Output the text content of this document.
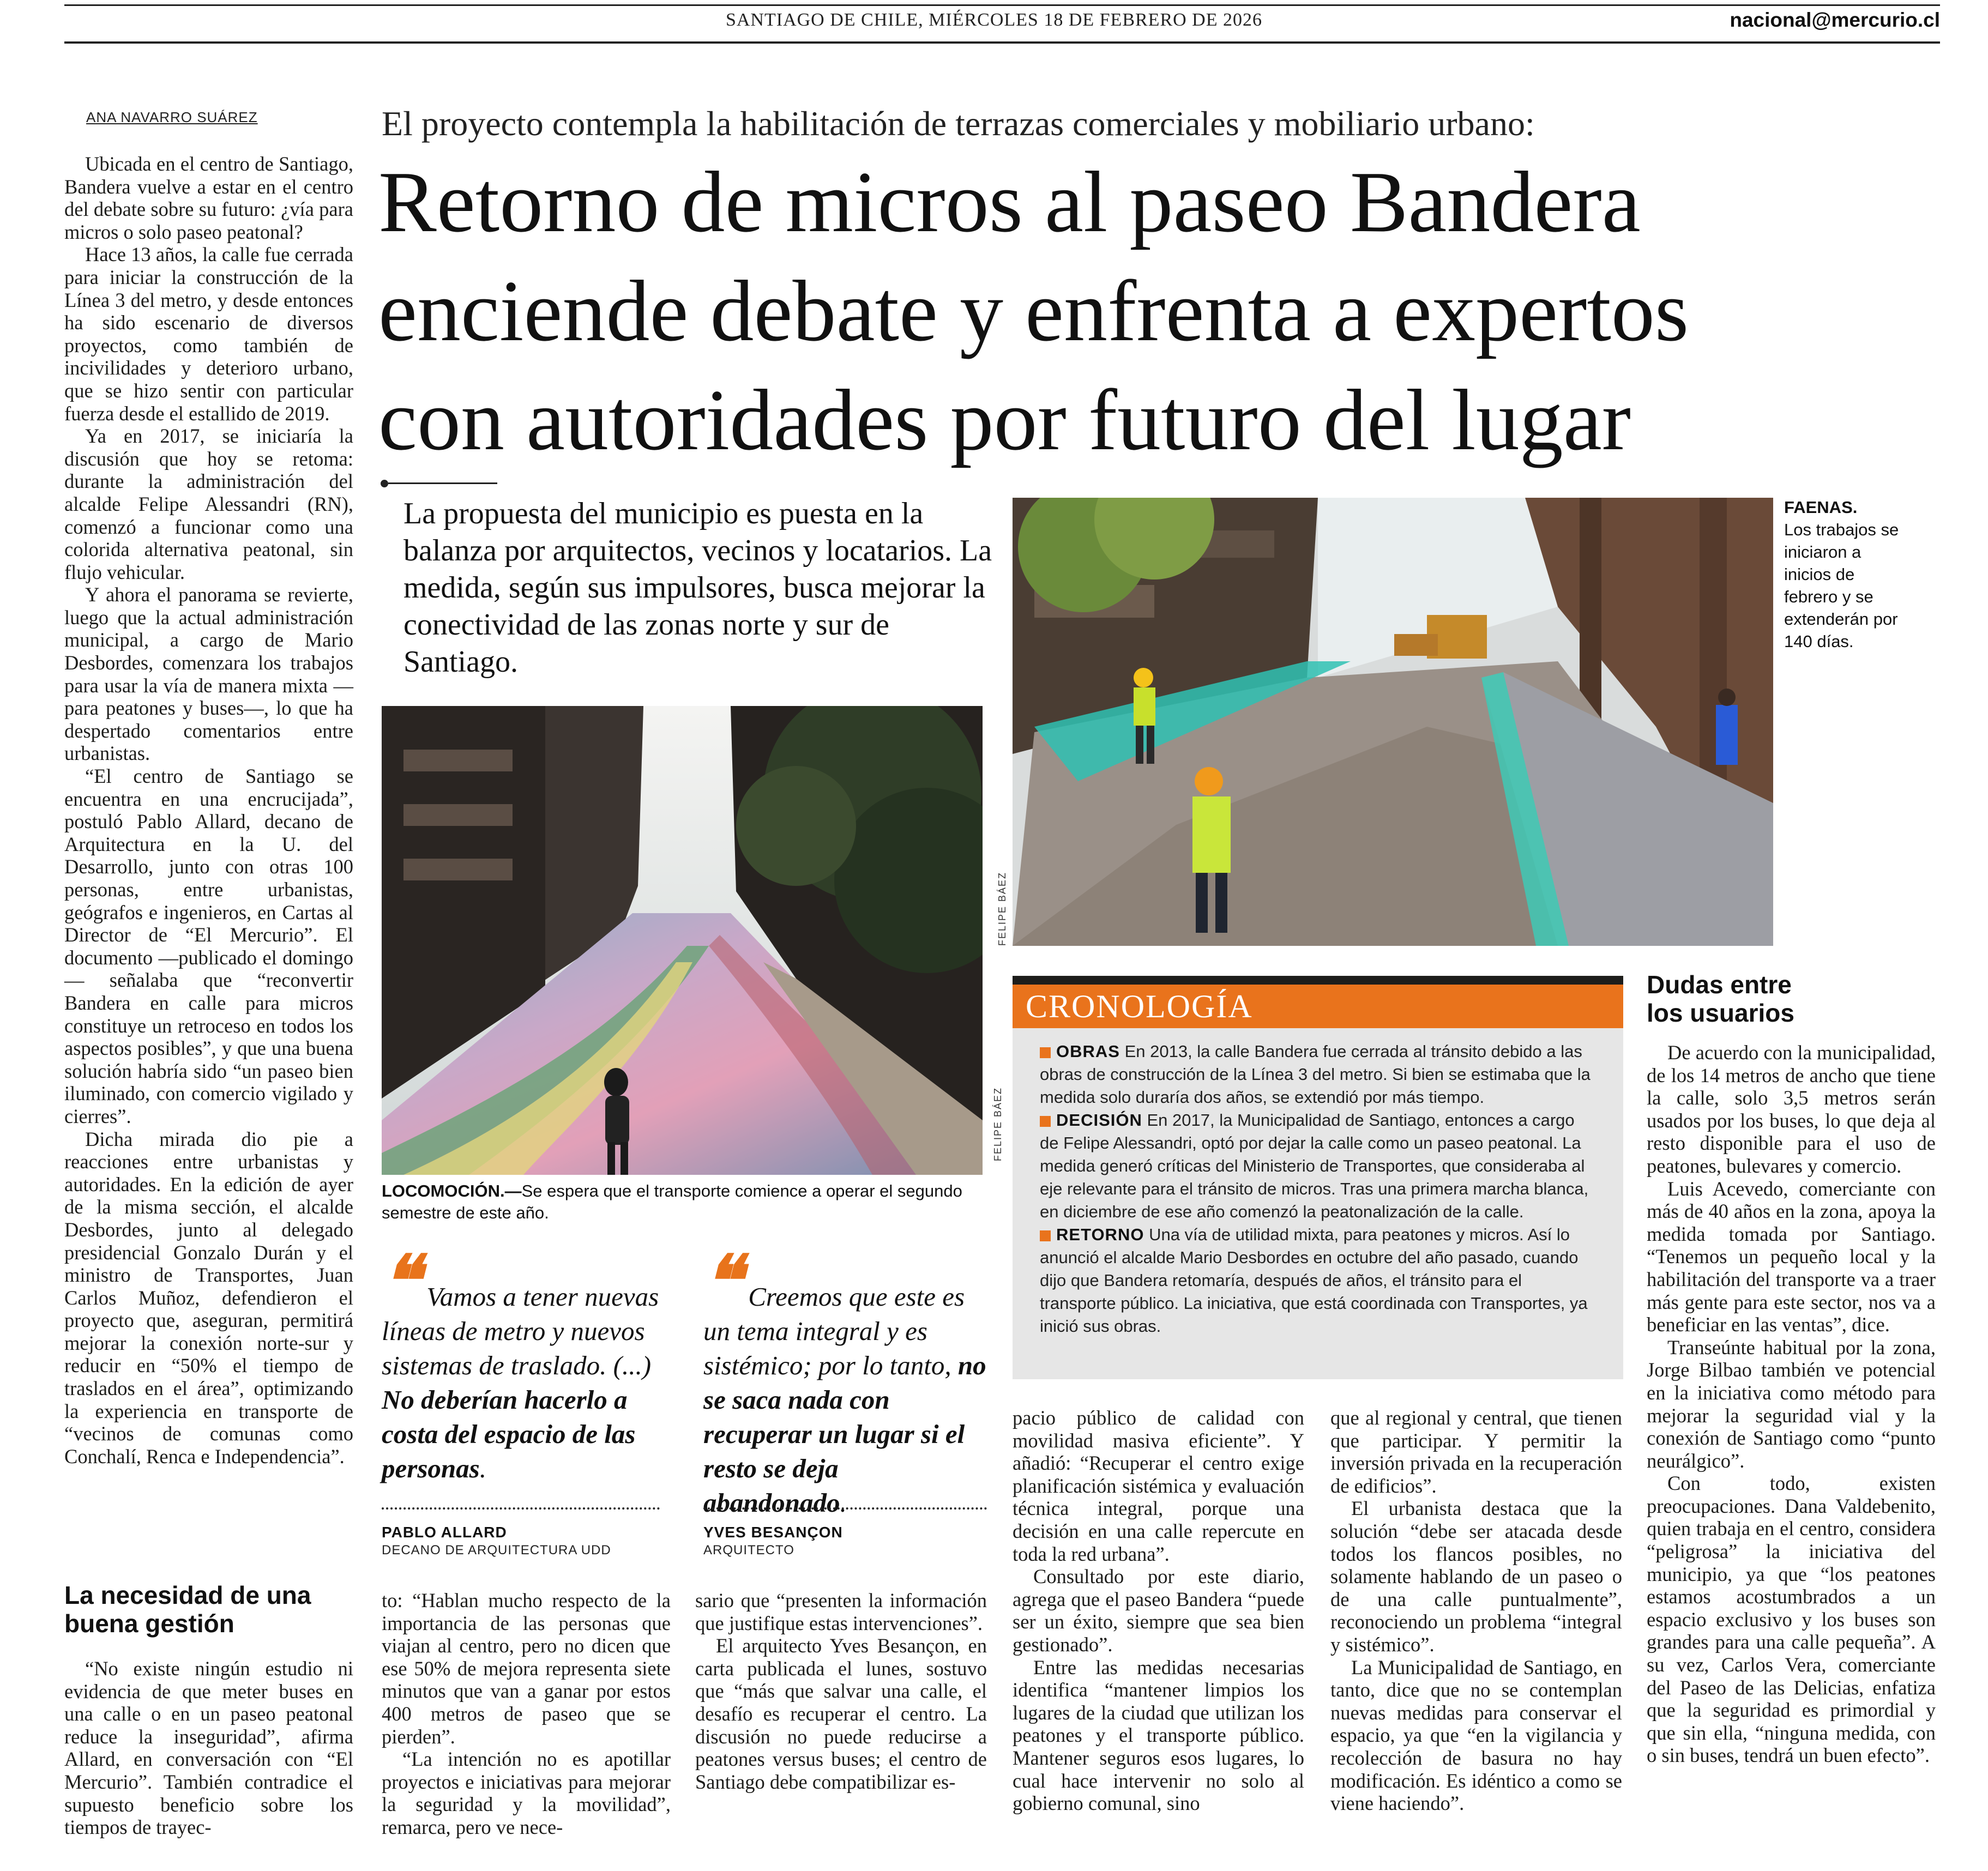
SANTIAGO DE CHILE, MIÉRCOLES 18 DE FEBRERO DE 2026	nacional@mercurio.cl
ANA NAVARRO SUÁREZ	El proyecto contempla la habilitación de terrazas comerciales y mobiliario urbano:
Retorno de micros al paseo Bandera
enciende debate y enfrenta a expertos
con autoridades por futuro del lugar
La propuesta del municipio es puesta en la balanza por arquitectos, vecinos y locatarios. La medida, según sus impulsores, busca mejorar la conectividad de las zonas norte y sur de Santiago.

Ubicada en el centro de Santiago, Bandera vuelve a estar en el centro del debate sobre su futuro: ¿vía para micros o solo paseo peatonal?

Hace 13 años, la calle fue cerrada para iniciar la construcción de la Línea 3 del metro, y desde entonces ha sido escenario de diversos proyectos, como también de incivilidades y deterioro urbano, que se hizo sentir con particular fuerza desde el estallido de 2019.

Ya en 2017, se iniciaría la discusión que hoy se retoma: durante la administración del alcalde Felipe Alessandri (RN), comenzó a funcionar como una colorida alternativa peatonal, sin flujo vehicular.

Y ahora el panorama se revierte, luego que la actual administración municipal, a cargo de Mario Desbordes, comenzara los trabajos para usar la vía de manera mixta —para peatones y buses—, lo que ha despertado comentarios entre urbanistas.

“El centro de Santiago se encuentra en una encrucijada”, postuló Pablo Allard, decano de Arquitectura en la U. del Desarrollo, junto con otras 100 personas, entre urbanistas, geógrafos e ingenieros, en Cartas al Director de “El Mercurio”. El documento —publicado el domingo— señalaba que “reconvertir Bandera en calle para micros constituye un retroceso en todos los aspectos posibles”, y que una buena solución habría sido “un paseo bien iluminado, con comercio vigilado y cierres”.

Dicha mirada dio pie a reacciones entre urbanistas y autoridades. En la edición de ayer de la misma sección, el alcalde Desbordes, junto al delegado presidencial Gonzalo Durán y el ministro de Transportes, Juan Carlos Muñoz, defendieron el proyecto que, aseguran, permitirá mejorar la conexión norte-sur y reducir en “50% el tiempo de traslados en el área”, optimizando la experiencia en transporte de “vecinos de comunas como Conchalí, Renca e Independencia”.

La necesidad de una buena gestión

“No existe ningún estudio ni evidencia de que meter buses en una calle o en un paseo peatonal reduce la inseguridad”, afirma Allard, en conversación con “El Mercurio”. También contradice el supuesto beneficio sobre los tiempos de trayec-

FELIPE BÁEZ
LOCOMOCIÓN.—Se espera que el transporte comience a operar el segundo semestre de este año.
FELIPE BÁEZ
FAENAS.
Los trabajos se iniciaron a inicios de febrero y se extenderán por 140 días.
❝ Vamos a tener nuevas líneas de metro y nuevos sistemas de traslado. (...) No deberían hacerlo a costa del espacio de las personas.
PABLO ALLARD
DECANO DE ARQUITECTURA UDD
❝ Creemos que este es un tema integral y es sistémico; por lo tanto, no se saca nada con recuperar un lugar si el resto se deja abandonado.
YVES BESANÇON
ARQUITECTO
CRONOLOGÍA

OBRAS En 2013, la calle Bandera fue cerrada al tránsito debido a las obras de construcción de la Línea 3 del metro. Si bien se estimaba que la medida solo duraría dos años, se extendió por más tiempo.

DECISIÓN En 2017, la Municipalidad de Santiago, entonces a cargo de Felipe Alessandri, optó por dejar la calle como un paseo peatonal. La medida generó críticas del Ministerio de Transportes, que consideraba al eje relevante para el tránsito de micros. Tras una primera marcha blanca, en diciembre de ese año comenzó la peatonalización de la calle.

RETORNO Una vía de utilidad mixta, para peatones y micros. Así lo anunció el alcalde Mario Desbordes en octubre del año pasado, cuando dijo que Bandera retomaría, después de años, el tránsito para el transporte público. La iniciativa, que está coordinada con Transportes, ya inició sus obras.

to: “Hablan mucho respecto de la importancia de las personas que viajan al centro, pero no dicen que ese 50% de mejora representa siete minutos que van a ganar por estos 400 metros de paseo que se pierden”.

“La intención no es apotillar proyectos e iniciativas para mejorar la seguridad y la movilidad”, remarca, pero ve nece-

sario que “presenten la información que justifique estas intervenciones”.

El arquitecto Yves Besançon, en carta publicada el lunes, sostuvo que “más que salvar una calle, el desafío es recuperar el centro. La discusión no puede reducirse a peatones versus buses; el centro de Santiago debe compatibilizar es-

pacio público de calidad con movilidad masiva eficiente”. Y añadió: “Recuperar el centro exige planificación sistémica y evaluación técnica integral, porque una decisión en una calle repercute en toda la red urbana”.

Consultado por este diario, agrega que el paseo Bandera “puede ser un éxito, siempre que sea bien gestionado”.

Entre las medidas necesarias identifica “mantener limpios los lugares de la ciudad que utilizan los peatones y el transporte público. Mantener seguros esos lugares, lo cual hace intervenir no solo al gobierno comunal, sino

que al regional y central, que tienen que participar. Y permitir la inversión privada en la recuperación de edificios”.

El urbanista destaca que la solución “debe ser atacada desde todos los flancos posibles, no solamente hablando de un paseo o de una calle puntualmente”, reconociendo un problema “integral y sistémico”.

La Municipalidad de Santiago, en tanto, dice que no se contemplan nuevas medidas para conservar el espacio, ya que “en la vigilancia y recolección de basura no hay modificación. Es idéntico a como se viene haciendo”.

Dudas entre los usuarios

De acuerdo con la municipalidad, de los 14 metros de ancho que tiene la calle, solo 3,5 metros serán usados por los buses, lo que deja al resto disponible para el uso de peatones, bulevares y comercio.

Luis Acevedo, comerciante con más de 40 años en la zona, apoya la medida tomada por Santiago. “Tenemos un pequeño local y la habilitación del transporte va a traer más gente para este sector, nos va a beneficiar en las ventas”, dice.

Transeúnte habitual por la zona, Jorge Bilbao también ve potencial en la iniciativa como método para mejorar la seguridad vial y la conexión de Santiago como “punto neurálgico”.

Con todo, existen preocupaciones. Dana Valdebenito, quien trabaja en el centro, considera “peligrosa” la iniciativa del municipio, ya que “los peatones estamos acostumbrados a un espacio exclusivo y los buses son grandes para una calle pequeña”. A su vez, Carlos Vera, comerciante del Paseo de las Delicias, enfatiza que la seguridad es primordial y que sin ella, “ninguna medida, con o sin buses, tendrá un buen efecto”.
